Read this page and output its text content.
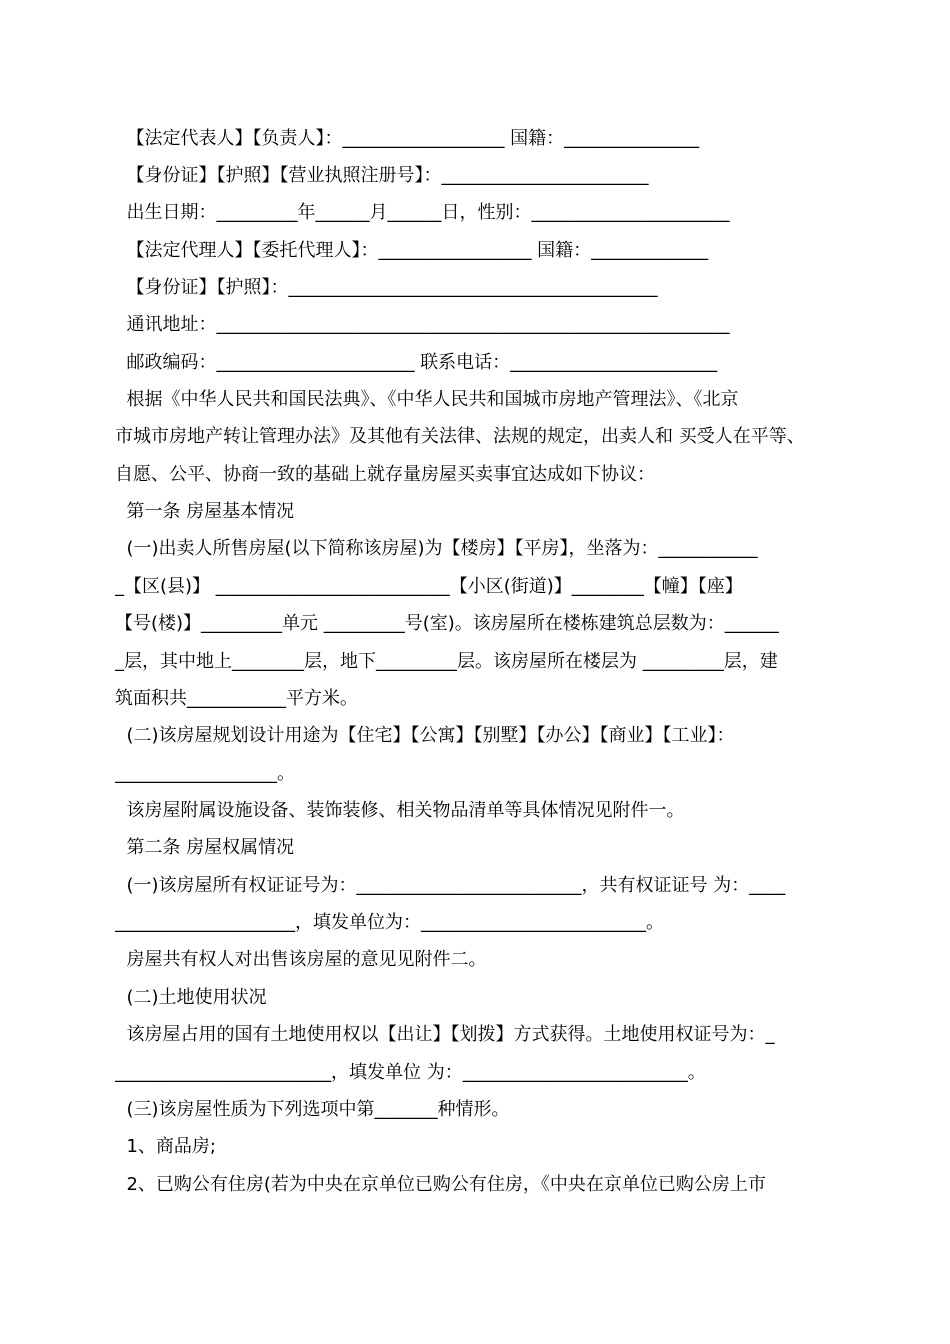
【法定代表人】【负责人】：__________________ 国籍：_______________
【身份证】【护照】【营业执照注册号】：_______________________
出生日期：_________年______月______日，性别：______________________
【法定代理人】【委托代理人】：_________________ 国籍：_____________
【身份证】【护照】：_________________________________________
通讯地址：_________________________________________________________
邮政编码：______________________ 联系电话：_______________________
根据《中华人民共和国民法典》、《中华人民共和国城市房地产管理法》、《北京
市城市房地产转让管理办法》及其他有关法律、法规的规定，出卖人和 买受人在平等、
自愿、公平、协商一致的基础上就存量房屋买卖事宜达成如下协议：
第一条 房屋基本情况
(一)出卖人所售房屋(以下简称该房屋)为【楼房】【平房】，坐落为：___________
_【区(县)】 __________________________【小区(街道)】________【幢】【座】
【号(楼)】_________单元 _________号(室)。该房屋所在楼栋建筑总层数为：______
_层，其中地上________层，地下_________层。该房屋所在楼层为 _________层，建
筑面积共___________平方米。
(二)该房屋规划设计用途为【住宅】【公寓】【别墅】【办公】【商业】【工业】：
__________________。
该房屋附属设施设备、装饰装修、相关物品清单等具体情况见附件一。
第二条 房屋权属情况
(一)该房屋所有权证证号为：_________________________，共有权证证号 为：____
____________________，填发单位为：_________________________。
房屋共有权人对出售该房屋的意见见附件二。
(二)土地使用状况
该房屋占用的国有土地使用权以【出让】【划拨】方式获得。土地使用权证号为：_
________________________，填发单位 为：_________________________。
(三)该房屋性质为下列选项中第_______种情形。
1、商品房;
2、已购公有住房(若为中央在京单位已购公有住房，《中央在京单位已购公房上市
